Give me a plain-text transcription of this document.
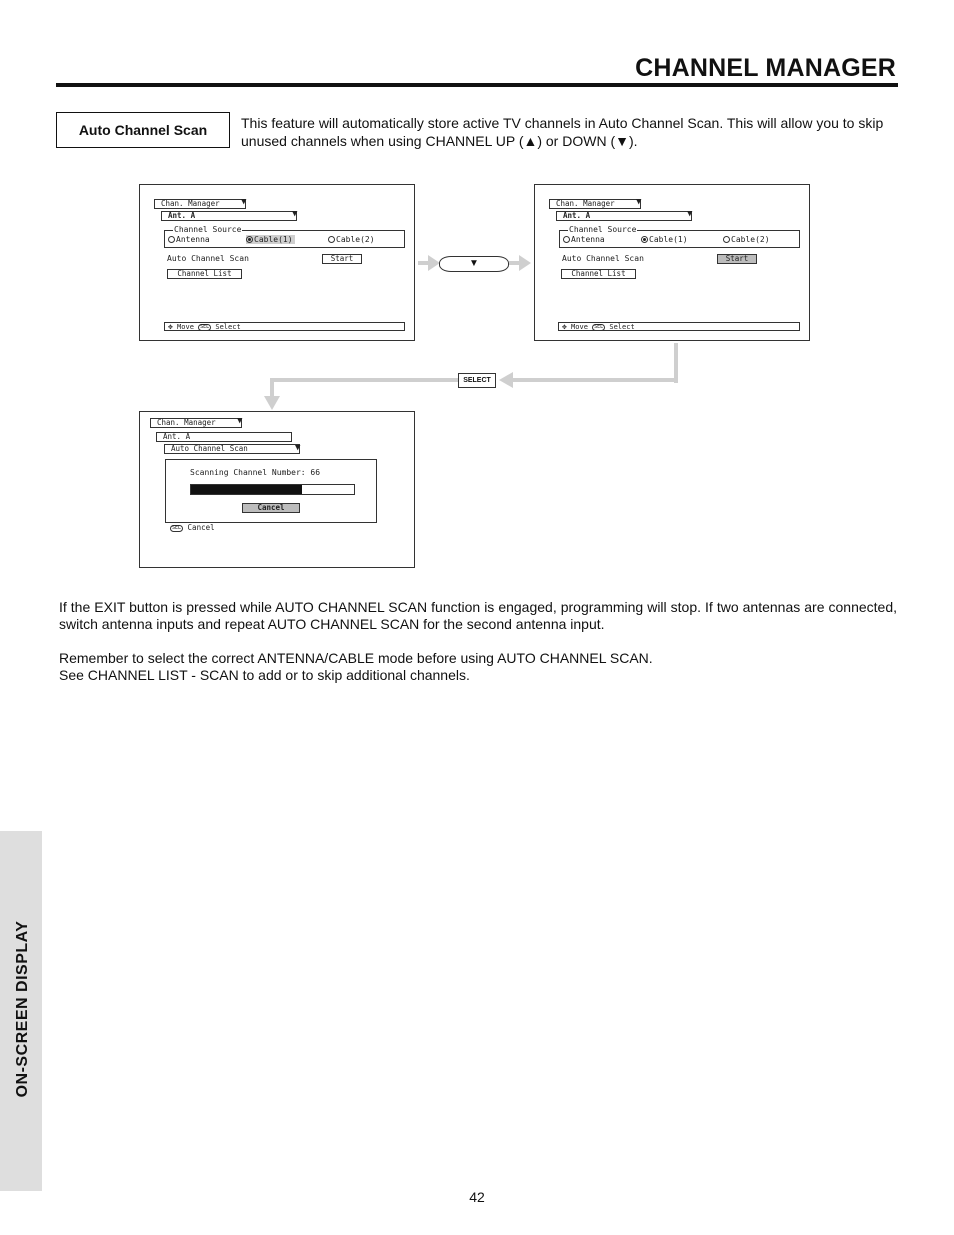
CHANNEL MANAGER
Auto Channel Scan	This feature will automatically store active TV channels in Auto Channel Scan. This will allow you to skip unused channels when using CHANNEL UP (▲) or DOWN (▼).
Chan. Manager	▼
Ant. A	▼
Channel Source
Antenna	Cable(1)	Cable(2)
Auto Channel Scan	Start
Channel List
✥ Move SEL Select
Chan. Manager	▼
Ant. A	▼
Channel Source
Antenna	Cable(1)	Cable(2)
Auto Channel Scan	Start
Channel List
✥ Move SEL Select
▼
SELECT
Chan. Manager	▼
Ant. A
Auto Channel Scan	▼
Scanning Channel Number: 66
Cancel
SEL Cancel
If the EXIT button is pressed while AUTO CHANNEL SCAN function is engaged, programming will stop. If two antennas are connected, switch antenna inputs and repeat AUTO CHANNEL SCAN for the second antenna input.
Remember to select the correct ANTENNA/CABLE mode before using AUTO CHANNEL SCAN.
See CHANNEL LIST - SCAN to add or to skip additional channels.
ON-SCREEN DISPLAY
42
